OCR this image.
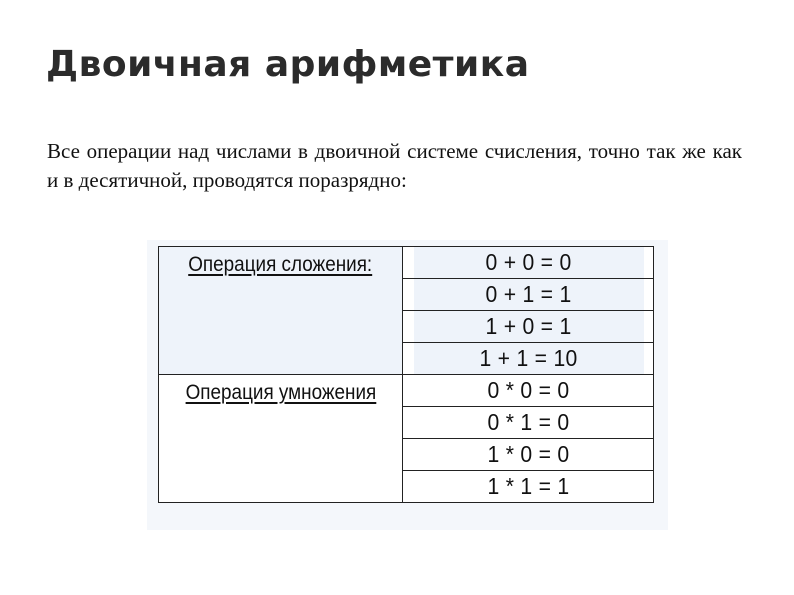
Двоичная арифметика

Все операции над числами в двоичной системе счисления, точно так же как и в десятичной, проводятся поразрядно:

Операция сложения:	0 + 0 = 0
	0 + 1 = 1
	1 + 0 = 1
	1 + 1 = 10
Операция умножения	0 * 0 = 0
	0 * 1 = 0
	1 * 0 = 0
	1 * 1 = 1
